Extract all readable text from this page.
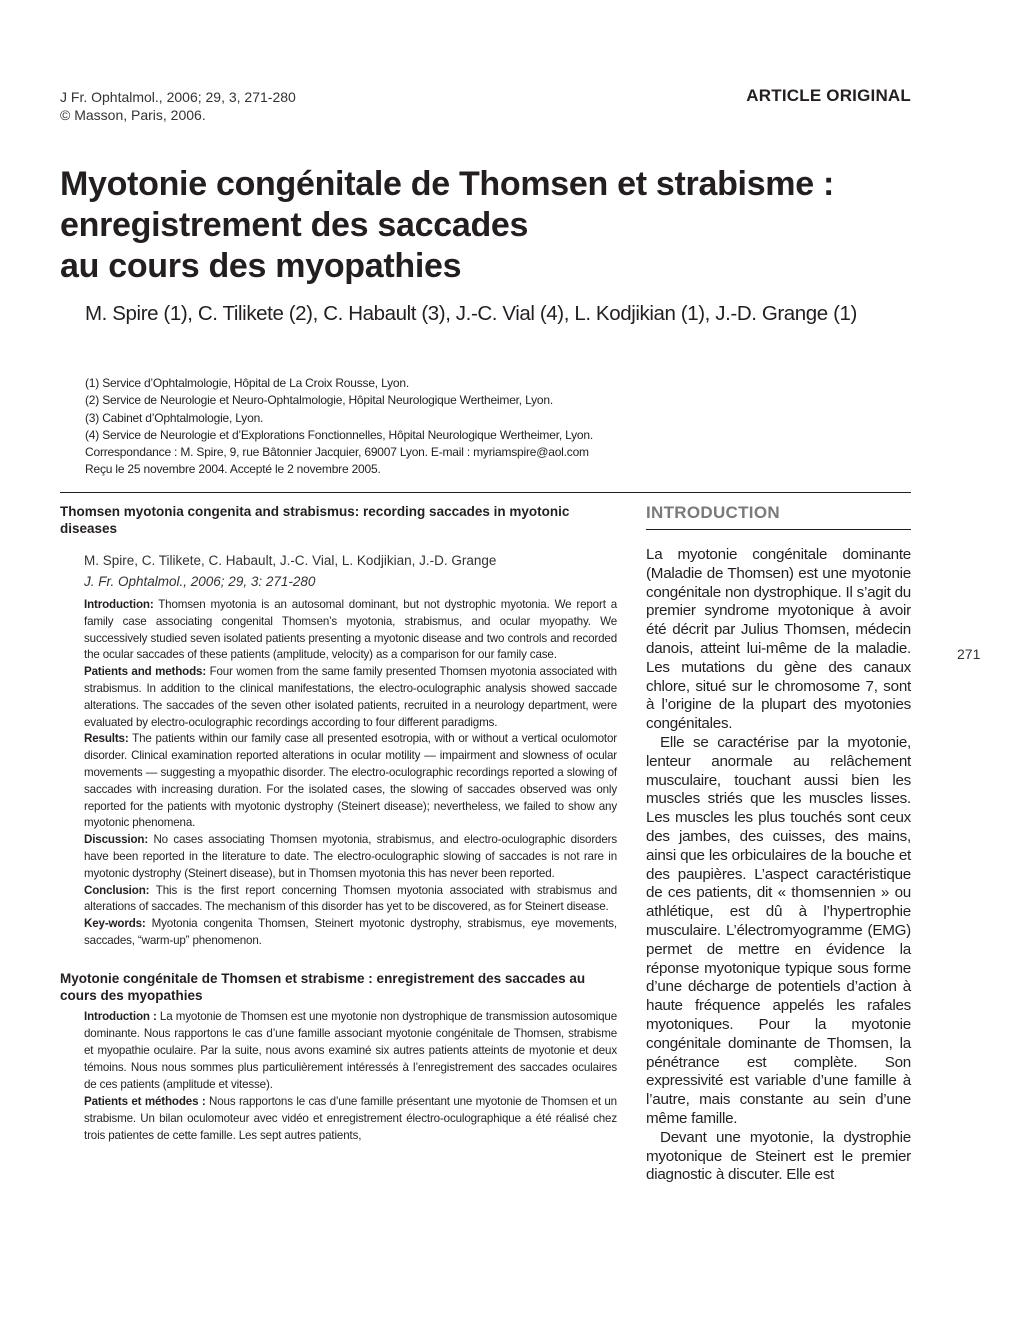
J Fr. Ophtalmol., 2006; 29, 3, 271-280
© Masson, Paris, 2006.
ARTICLE ORIGINAL
Myotonie congénitale de Thomsen et strabisme :
enregistrement des saccades
au cours des myopathies
M. Spire (1), C. Tilikete (2), C. Habault (3), J.-C. Vial (4), L. Kodjikian (1), J.-D. Grange (1)
(1) Service d’Ophtalmologie, Hôpital de La Croix Rousse, Lyon.
(2) Service de Neurologie et Neuro-Ophtalmologie, Hôpital Neurologique Wertheimer, Lyon.
(3) Cabinet d’Ophtalmologie, Lyon.
(4) Service de Neurologie et d’Explorations Fonctionnelles, Hôpital Neurologique Wertheimer, Lyon.
Correspondance : M. Spire, 9, rue Bâtonnier Jacquier, 69007 Lyon. E-mail : myriamspire@aol.com
Reçu le 25 novembre 2004. Accepté le 2 novembre 2005.
Thomsen myotonia congenita and strabismus: recording saccades in myotonic diseases
M. Spire, C. Tilikete, C. Habault, J.-C. Vial, L. Kodjikian, J.-D. Grange
J. Fr. Ophtalmol., 2006; 29, 3: 271-280

Introduction: Thomsen myotonia is an autosomal dominant, but not dystrophic myotonia. We report a family case associating congenital Thomsen’s myotonia, strabismus, and ocular myopathy. We successively studied seven isolated patients presenting a myotonic disease and two controls and recorded the ocular saccades of these patients (amplitude, velocity) as a comparison for our family case.

Patients and methods: Four women from the same family presented Thomsen myotonia associated with strabismus. In addition to the clinical manifestations, the electro-oculographic analysis showed saccade alterations. The saccades of the seven other isolated patients, recruited in a neurology department, were evaluated by electro-oculographic recordings according to four different paradigms.

Results: The patients within our family case all presented esotropia, with or without a vertical oculomotor disorder. Clinical examination reported alterations in ocular motility — impairment and slowness of ocular movements — suggesting a myopathic disorder. The electro-oculographic recordings reported a slowing of saccades with increasing duration. For the isolated cases, the slowing of saccades observed was only reported for the patients with myotonic dystrophy (Steinert disease); nevertheless, we failed to show any myotonic phenomena.

Discussion: No cases associating Thomsen myotonia, strabismus, and electro-oculographic disorders have been reported in the literature to date. The electro-oculographic slowing of saccades is not rare in myotonic dystrophy (Steinert disease), but in Thomsen myotonia this has never been reported.

Conclusion: This is the first report concerning Thomsen myotonia associated with strabismus and alterations of saccades. The mechanism of this disorder has yet to be discovered, as for Steinert disease.

Key-words: Myotonia congenita Thomsen, Steinert myotonic dystrophy, strabismus, eye movements, saccades, “warm-up” phenomenon.

Myotonie congénitale de Thomsen et strabisme : enregistrement des saccades au cours des myopathies

Introduction : La myotonie de Thomsen est une myotonie non dystrophique de transmission autosomique dominante. Nous rapportons le cas d’une famille associant myotonie congénitale de Thomsen, strabisme et myopathie oculaire. Par la suite, nous avons examiné six autres patients atteints de myotonie et deux témoins. Nous nous sommes plus particulièrement intéressés à l’enregistrement des saccades oculaires de ces patients (amplitude et vitesse).

Patients et méthodes : Nous rapportons le cas d’une famille présentant une myotonie de Thomsen et un strabisme. Un bilan oculomoteur avec vidéo et enregistrement électro-oculographique a été réalisé chez trois patientes de cette famille. Les sept autres patients,

INTRODUCTION

La myotonie congénitale dominante (Maladie de Thomsen) est une myotonie congénitale non dystrophique. Il s’agit du premier syndrome myotonique à avoir été décrit par Julius Thomsen, médecin danois, atteint lui-même de la maladie. Les mutations du gène des canaux chlore, situé sur le chromosome 7, sont à l’origine de la plupart des myotonies congénitales.

Elle se caractérise par la myotonie, lenteur anormale au relâchement musculaire, touchant aussi bien les muscles striés que les muscles lisses. Les muscles les plus touchés sont ceux des jambes, des cuisses, des mains, ainsi que les orbiculaires de la bouche et des paupières. L’aspect caractéristique de ces patients, dit « thomsennien » ou athlétique, est dû à l’hypertrophie musculaire. L’électromyogramme (EMG) permet de mettre en évidence la réponse myotonique typique sous forme d’une décharge de potentiels d’action à haute fréquence appelés les rafales myotoniques. Pour la myotonie congénitale dominante de Thomsen, la pénétrance est complète. Son expressivité est variable d’une famille à l’autre, mais constante au sein d’une même famille.

Devant une myotonie, la dystrophie myotonique de Steinert est le premier diagnostic à discuter. Elle est

271
